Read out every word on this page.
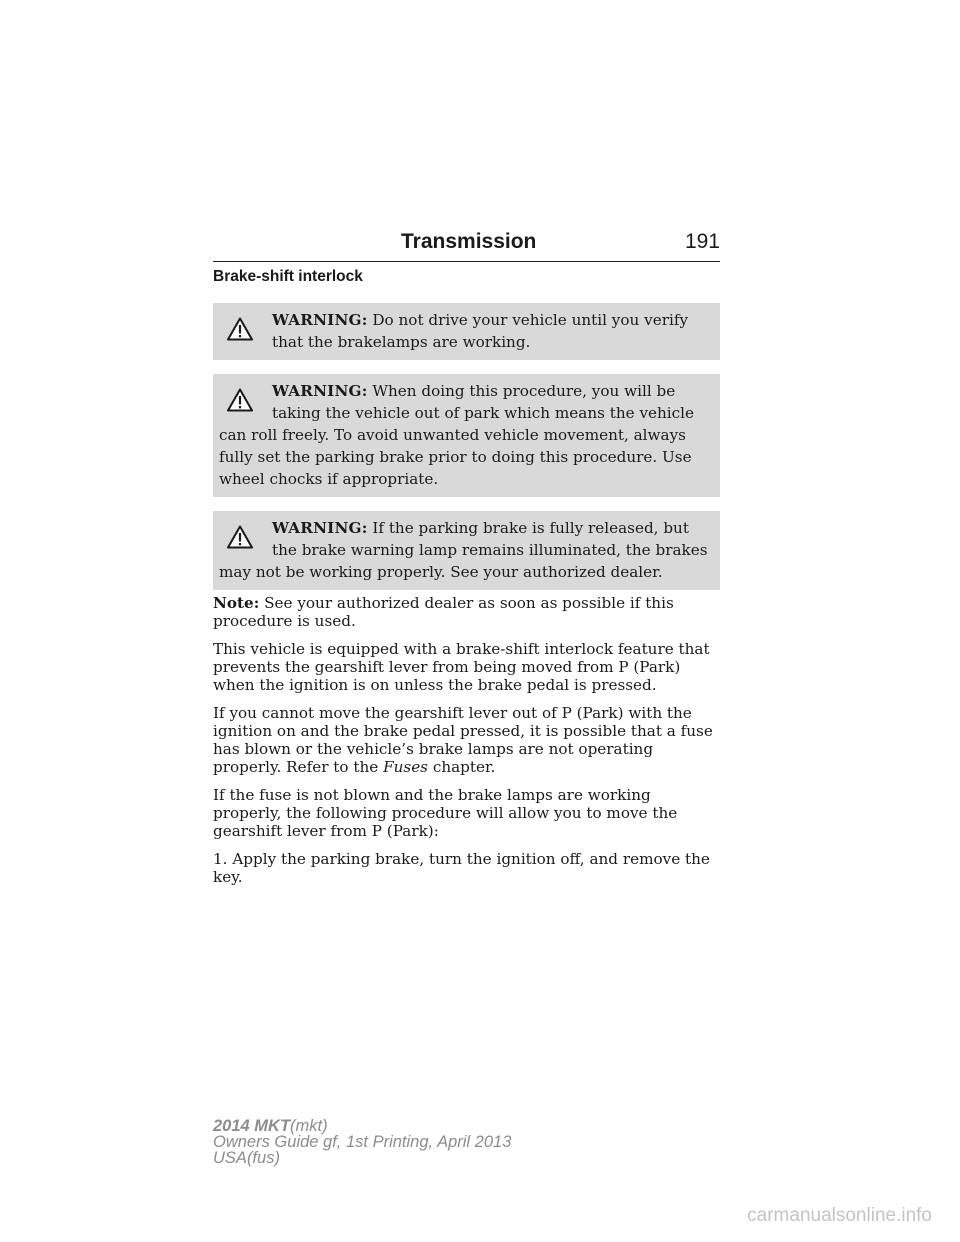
Transmission	191
Brake-shift interlock
WARNING: Do not drive your vehicle until you verify that the brakelamps are working.
WARNING: When doing this procedure, you will be taking the vehicle out of park which means the vehicle can roll freely. To avoid unwanted vehicle movement, always fully set the parking brake prior to doing this procedure. Use wheel chocks if appropriate.
WARNING: If the parking brake is fully released, but the brake warning lamp remains illuminated, the brakes may not be working properly. See your authorized dealer.

Note: See your authorized dealer as soon as possible if this procedure is used.

This vehicle is equipped with a brake-shift interlock feature that prevents the gearshift lever from being moved from P (Park) when the ignition is on unless the brake pedal is pressed.

If you cannot move the gearshift lever out of P (Park) with the ignition on and the brake pedal pressed, it is possible that a fuse has blown or the vehicle’s brake lamps are not operating properly. Refer to the Fuses chapter.

If the fuse is not blown and the brake lamps are working properly, the following procedure will allow you to move the gearshift lever from P (Park):

1. Apply the parking brake, turn the ignition off, and remove the key.

2014 MKT(mkt)
Owners Guide gf, 1st Printing, April 2013
USA(fus)
carmanualsonline.info
